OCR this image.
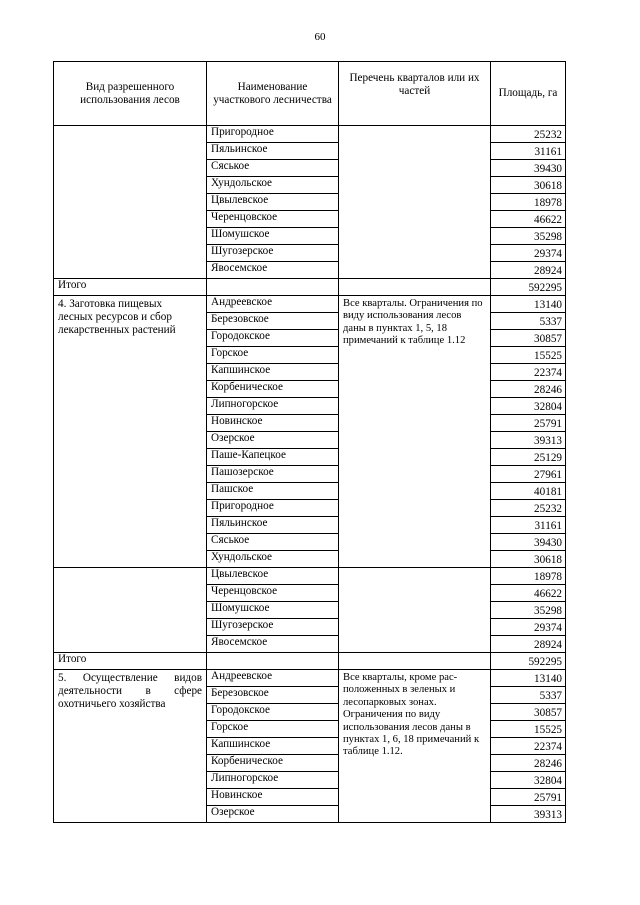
60
Вид разрешенного использования лесов	Наименование участкового лесничества	Перечень кварталов или их частей	Площадь, га
	Пригородное		25232
	Пяльинское		31161
	Сяськое		39430
	Хундольское		30618
	Цвылевское		18978
	Черенцовское		46622
	Шомушское		35298
	Шугозерское		29374
	Явосемское		28924
Итого			592295

4. Заготовка пищевых
лесных ресурсов и сбор
лекарственных растений	Андреевское	Все кварталы. Ограничения по виду использования лесов даны в пунктах 1, 5, 18 примечаний к таблице 1.12	13140
	Березовское		5337
	Городокское		30857
	Горское		15525
	Капшинское		22374
	Корбеническое		28246
	Липногорское		32804
	Новинское		25791
	Озерское		39313
	Паше-Капецкое		25129
	Пашозерское		27961
	Пашское		40181
	Пригородное		25232
	Пяльинское		31161
	Сяськое		39430
	Хундольское		30618
	Цвылевское		18978
	Черенцовское		46622
	Шомушское		35298
	Шугозерское		29374
	Явосемское		28924
Итого			592295

5. Осуществление видов
деятельности в сфере
охотничьего хозяйства	Андреевское	Все кварталы, кроме рас- положенных в зеленых и лесопарковых зонах. Ограничения по виду использования лесов даны в пунктах 1, 6, 18 примечаний к таблице 1.12.	13140
	Березовское		5337
	Городокское		30857
	Горское		15525
	Капшинское		22374
	Корбеническое		28246
	Липногорское		32804
	Новинское		25791
	Озерское		39313
